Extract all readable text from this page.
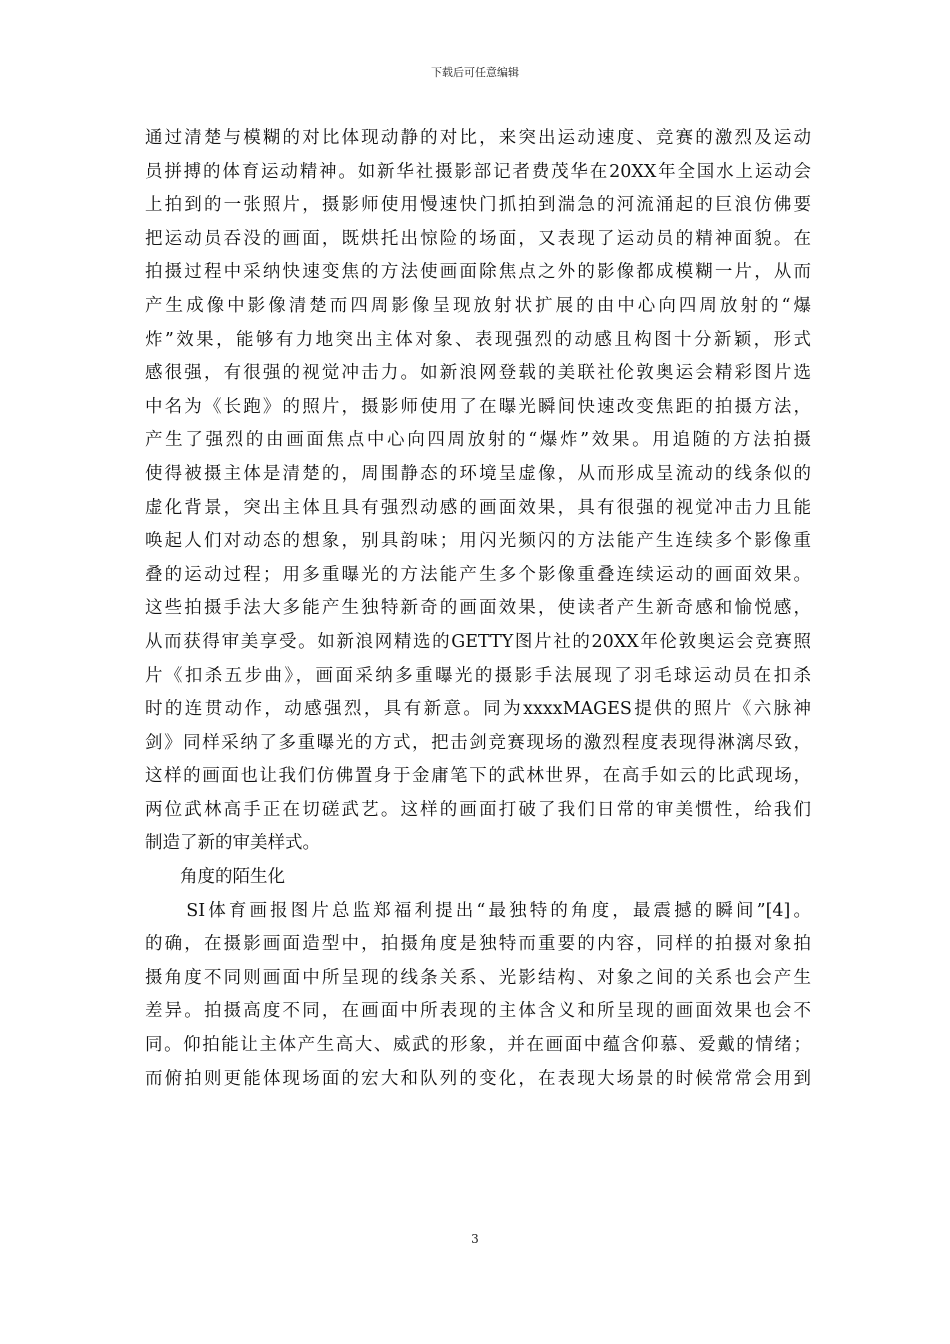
下载后可任意编辑
通过清楚与模糊的对比体现动静的对比，来突出运动速度、竞赛的激烈及运动
员拼搏的体育运动精神。如新华社摄影部记者费茂华在20XX年全国水上运动会
上拍到的一张照片，摄影师使用慢速快门抓拍到湍急的河流涌起的巨浪仿佛要
把运动员吞没的画面，既烘托出惊险的场面，又表现了运动员的精神面貌。在
拍摄过程中采纳快速变焦的方法使画面除焦点之外的影像都成模糊一片，从而
产生成像中影像清楚而四周影像呈现放射状扩展的由中心向四周放射的“爆
炸”效果，能够有力地突出主体对象、表现强烈的动感且构图十分新颖，形式
感很强，有很强的视觉冲击力。如新浪网登载的美联社伦敦奥运会精彩图片选
中名为《长跑》的照片，摄影师使用了在曝光瞬间快速改变焦距的拍摄方法，
产生了强烈的由画面焦点中心向四周放射的“爆炸”效果。用追随的方法拍摄
使得被摄主体是清楚的，周围静态的环境呈虚像，从而形成呈流动的线条似的
虚化背景，突出主体且具有强烈动感的画面效果，具有很强的视觉冲击力且能
唤起人们对动态的想象，别具韵味；用闪光频闪的方法能产生连续多个影像重
叠的运动过程；用多重曝光的方法能产生多个影像重叠连续运动的画面效果。
这些拍摄手法大多能产生独特新奇的画面效果，使读者产生新奇感和愉悦感，
从而获得审美享受。如新浪网精选的GETTY图片社的20XX年伦敦奥运会竞赛照
片《扣杀五步曲》，画面采纳多重曝光的摄影手法展现了羽毛球运动员在扣杀
时的连贯动作，动感强烈，具有新意。同为xxxxMAGES提供的照片《六脉神
剑》同样采纳了多重曝光的方式，把击剑竞赛现场的激烈程度表现得淋漓尽致，
这样的画面也让我们仿佛置身于金庸笔下的武林世界，在高手如云的比武现场，
两位武林高手正在切磋武艺。这样的画面打破了我们日常的审美惯性，给我们
制造了新的审美样式。
　　角度的陌生化
　　SI体育画报图片总监郑福利提出“最独特的角度，最震撼的瞬间”[4]。
的确，在摄影画面造型中，拍摄角度是独特而重要的内容，同样的拍摄对象拍
摄角度不同则画面中所呈现的线条关系、光影结构、对象之间的关系也会产生
差异。拍摄高度不同，在画面中所表现的主体含义和所呈现的画面效果也会不
同。仰拍能让主体产生高大、威武的形象，并在画面中蕴含仰慕、爱戴的情绪；
而俯拍则更能体现场面的宏大和队列的变化，在表现大场景的时候常常会用到
3
